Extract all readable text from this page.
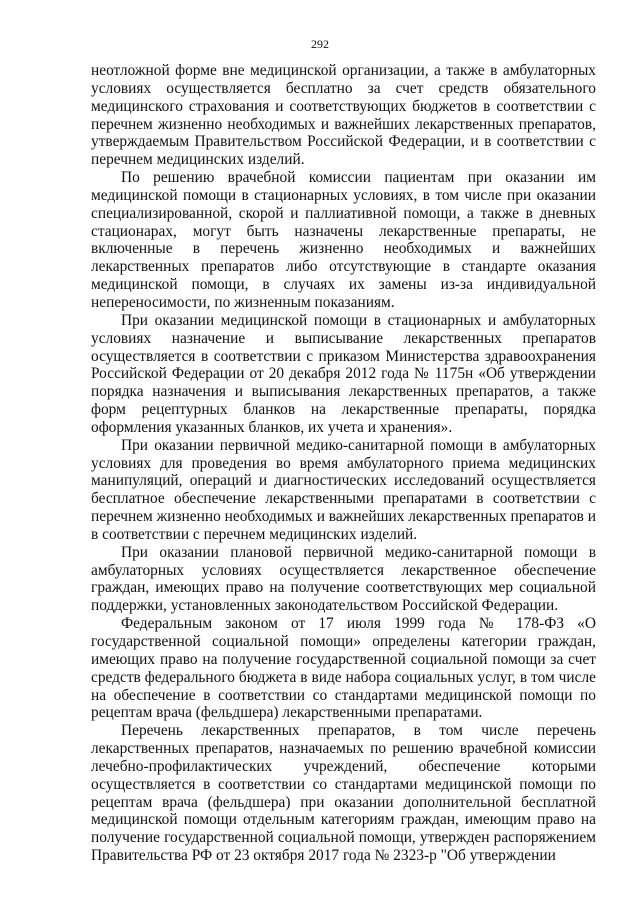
292

неотложной форме вне медицинской организации, а также в амбулаторных условиях осуществляется бесплатно за счет средств обязательного медицинского страхования и соответствующих бюджетов в соответствии с перечнем жизненно необходимых и важнейших лекарственных препаратов, утверждаемым Правительством Российской Федерации, и в соответствии с перечнем медицинских изделий.

По решению врачебной комиссии пациентам при оказании им медицинской помощи в стационарных условиях, в том числе при оказании специализированной, скорой и паллиативной помощи, а также в дневных стационарах, могут быть назначены лекарственные препараты, не включенные в перечень жизненно необходимых и важнейших лекарственных препаратов либо отсутствующие в стандарте оказания медицинской помощи, в случаях их замены из-за индивидуальной непереносимости, по жизненным показаниям.

При оказании медицинской помощи в стационарных и амбулаторных условиях назначение и выписывание лекарственных препаратов осуществляется в соответствии с приказом Министерства здравоохранения Российской Федерации от 20 декабря 2012 года № 1175н «Об утверждении порядка назначения и выписывания лекарственных препаратов, а также форм рецептурных бланков на лекарственные препараты, порядка оформления указанных бланков, их учета и хранения».

При оказании первичной медико-санитарной помощи в амбулаторных условиях для проведения во время амбулаторного приема медицинских манипуляций, операций и диагностических исследований осуществляется бесплатное обеспечение лекарственными препаратами в соответствии с перечнем жизненно необходимых и важнейших лекарственных препаратов и в соответствии с перечнем медицинских изделий.

При оказании плановой первичной медико-санитарной помощи в амбулаторных условиях осуществляется лекарственное обеспечение граждан, имеющих право на получение соответствующих мер социальной поддержки, установленных законодательством Российской Федерации.

Федеральным законом от 17 июля 1999 года № 178-ФЗ «О государственной социальной помощи» определены категории граждан, имеющих право на получение государственной социальной помощи за счет средств федерального бюджета в виде набора социальных услуг, в том числе на обеспечение в соответствии со стандартами медицинской помощи по рецептам врача (фельдшера) лекарственными препаратами.

Перечень лекарственных препаратов, в том числе перечень лекарственных препаратов, назначаемых по решению врачебной комиссии лечебно-профилактических учреждений, обеспечение которыми осуществляется в соответствии со стандартами медицинской помощи по рецептам врача (фельдшера) при оказании дополнительной бесплатной медицинской помощи отдельным категориям граждан, имеющим право на получение государственной социальной помощи, утвержден распоряжением Правительства РФ от 23 октября 2017 года № 2323-р "Об утверждении
